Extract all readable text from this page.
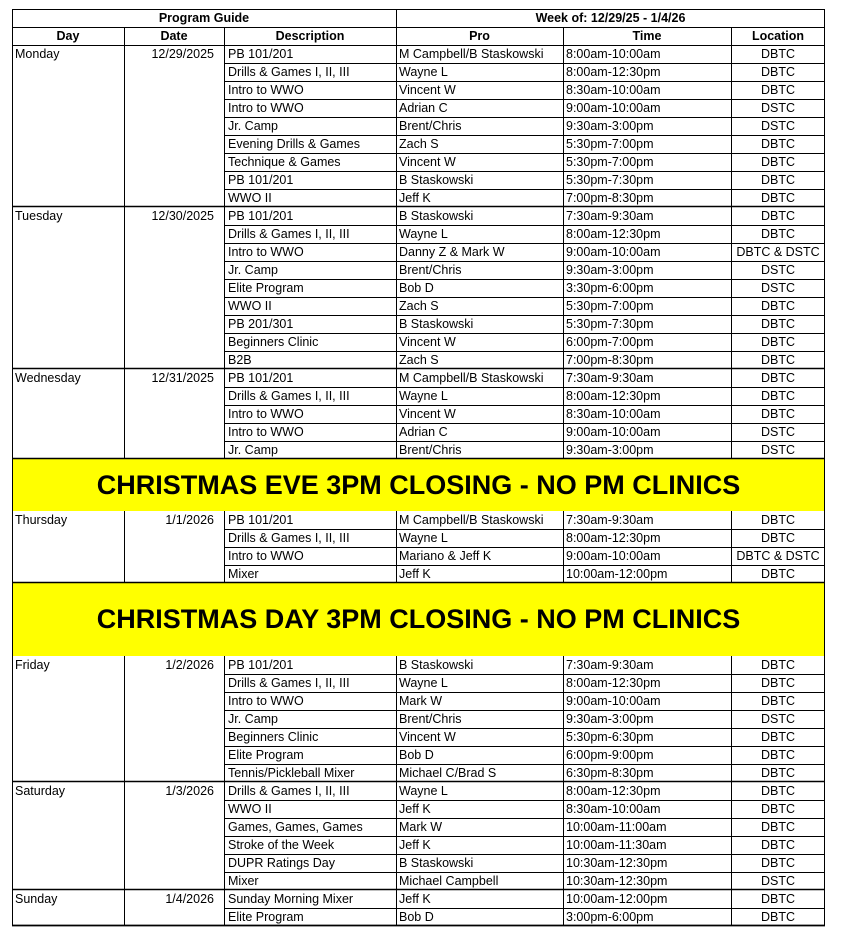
Program Guide	Week of: 12/29/25 - 1/4/26
Day	Date	Description	Pro	Time	Location
Monday	12/29/2025	PB 101/201	M Campbell/B Staskowski	8:00am-10:00am	DBTC
Drills & Games I, II, III	Wayne L	8:00am-12:30pm	DBTC
Intro to WWO	Vincent W	8:30am-10:00am	DBTC
Intro to WWO	Adrian C	9:00am-10:00am	DSTC
Jr. Camp	Brent/Chris	9:30am-3:00pm	DSTC
Evening Drills & Games	Zach S	5:30pm-7:00pm	DBTC
Technique & Games	Vincent W	5:30pm-7:00pm	DBTC
PB 101/201	B Staskowski	5:30pm-7:30pm	DBTC
WWO II	Jeff K	7:00pm-8:30pm	DBTC
Tuesday	12/30/2025	PB 101/201	B Staskowski	7:30am-9:30am	DBTC
Drills & Games I, II, III	Wayne L	8:00am-12:30pm	DBTC
Intro to WWO	Danny Z & Mark W	9:00am-10:00am	DBTC & DSTC
Jr. Camp	Brent/Chris	9:30am-3:00pm	DSTC
Elite Program	Bob D	3:30pm-6:00pm	DSTC
WWO II	Zach S	5:30pm-7:00pm	DBTC
PB 201/301	B Staskowski	5:30pm-7:30pm	DBTC
Beginners Clinic	Vincent W	6:00pm-7:00pm	DBTC
B2B	Zach S	7:00pm-8:30pm	DBTC
Wednesday	12/31/2025	PB 101/201	M Campbell/B Staskowski	7:30am-9:30am	DBTC
Drills & Games I, II, III	Wayne L	8:00am-12:30pm	DBTC
Intro to WWO	Vincent W	8:30am-10:00am	DBTC
Intro to WWO	Adrian C	9:00am-10:00am	DSTC
Jr. Camp	Brent/Chris	9:30am-3:00pm	DSTC
CHRISTMAS EVE 3PM CLOSING - NO PM CLINICS
Thursday	1/1/2026	PB 101/201	M Campbell/B Staskowski	7:30am-9:30am	DBTC
Drills & Games I, II, III	Wayne L	8:00am-12:30pm	DBTC
Intro to WWO	Mariano & Jeff K	9:00am-10:00am	DBTC & DSTC
Mixer	Jeff K	10:00am-12:00pm	DBTC
CHRISTMAS DAY 3PM CLOSING - NO PM CLINICS
Friday	1/2/2026	PB 101/201	B Staskowski	7:30am-9:30am	DBTC
Drills & Games I, II, III	Wayne L	8:00am-12:30pm	DBTC
Intro to WWO	Mark W	9:00am-10:00am	DBTC
Jr. Camp	Brent/Chris	9:30am-3:00pm	DSTC
Beginners Clinic	Vincent W	5:30pm-6:30pm	DBTC
Elite Program	Bob D	6:00pm-9:00pm	DBTC
Tennis/Pickleball Mixer	Michael C/Brad S	6:30pm-8:30pm	DBTC
Saturday	1/3/2026	Drills & Games I, II, III	Wayne L	8:00am-12:30pm	DBTC
WWO II	Jeff K	8:30am-10:00am	DBTC
Games, Games, Games	Mark W	10:00am-11:00am	DBTC
Stroke of the Week	Jeff K	10:00am-11:30am	DBTC
DUPR Ratings Day	B Staskowski	10:30am-12:30pm	DBTC
Mixer	Michael Campbell	10:30am-12:30pm	DSTC
Sunday	1/4/2026	Sunday Morning Mixer	Jeff K	10:00am-12:00pm	DBTC
Elite Program	Bob D	3:00pm-6:00pm	DBTC
